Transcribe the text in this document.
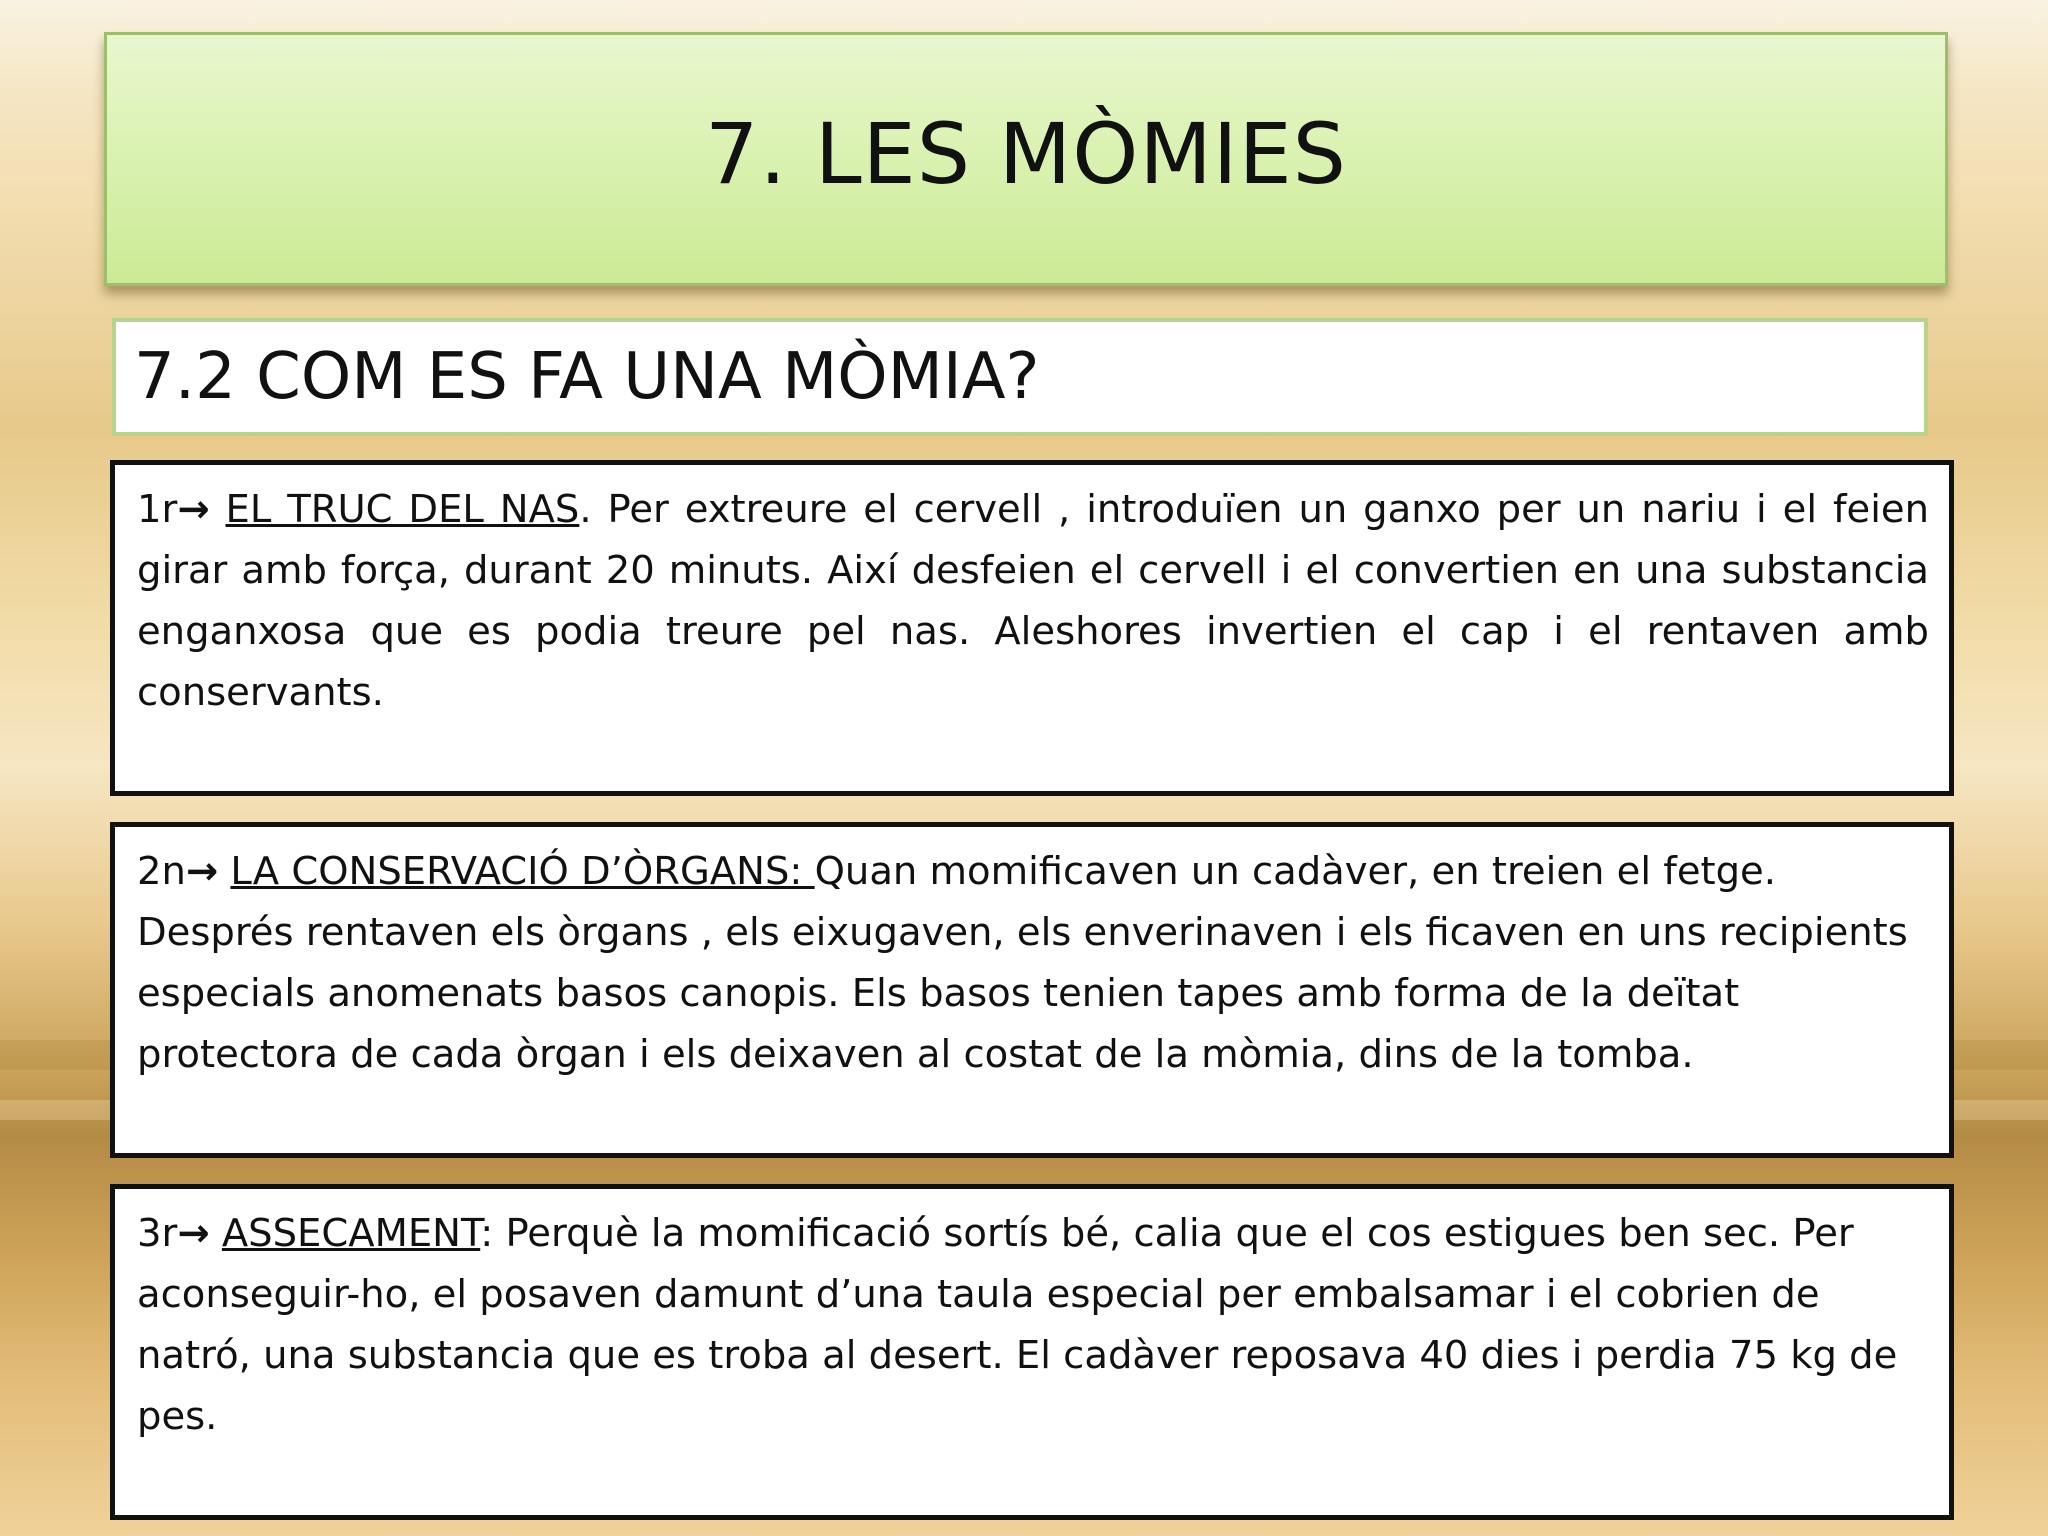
7. LES MÒMIES
7.2 COM ES FA UNA MÒMIA?

1r→ EL TRUC DEL NAS. Per extreure el cervell , introduïen un ganxo per un nariu i el feien girar amb força, durant 20 minuts. Així desfeien el cervell i el convertien en una substancia enganxosa que es podia treure pel nas. Aleshores invertien el cap i el rentaven amb conservants.

2n→ LA CONSERVACIÓ D’ÒRGANS: Quan momificaven un cadàver, en treien el fetge. Després rentaven els òrgans , els eixugaven, els enverinaven i els ficaven en uns recipients especials anomenats basos canopis. Els basos tenien tapes amb forma de la deïtat protectora de cada òrgan i els deixaven al costat de la mòmia, dins de la tomba.

3r→ ASSECAMENT: Perquè la momificació sortís bé, calia que el cos estigues ben sec. Per aconseguir-ho, el posaven damunt d’una taula especial per embalsamar i el cobrien de natró, una substancia que es troba al desert. El cadàver reposava 40 dies i perdia 75 kg de pes.
